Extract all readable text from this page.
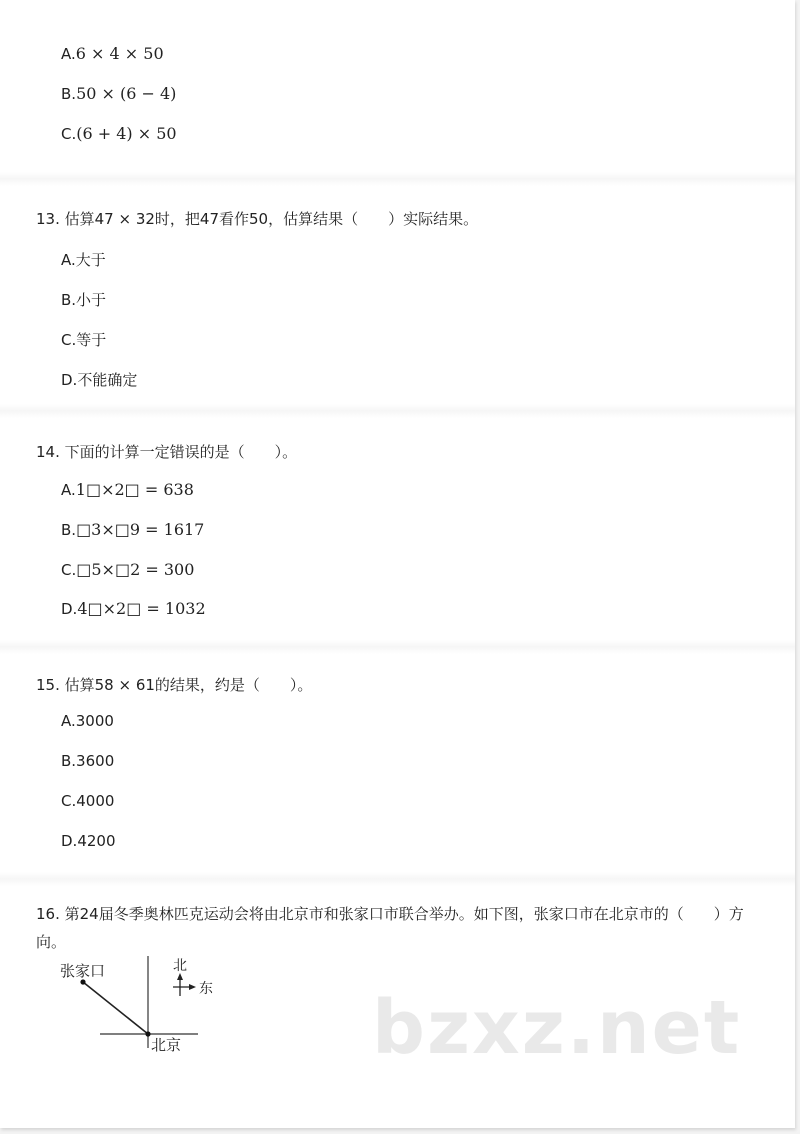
A.6 × 4 × 50
B.50 × (6 − 4)
C.(6 + 4) × 50
13. 估算47 × 32时，把47看作50，估算结果（　　）实际结果。
A.大于
B.小于
C.等于
D.不能确定
14. 下面的计算一定错误的是（　　）。
A.1□×2□ = 638
B.□3×□9 = 1617
C.□5×□2 = 300
D.4□×2□ = 1032
15. 估算58 × 61的结果，约是（　　）。
A.3000
B.3600
C.4000
D.4200
16. 第24届冬季奥林匹克运动会将由北京市和张家口市联合举办。如下图，张家口市在北京市的（　　）方向。
张家口	北
东
北京	bzxz.net
